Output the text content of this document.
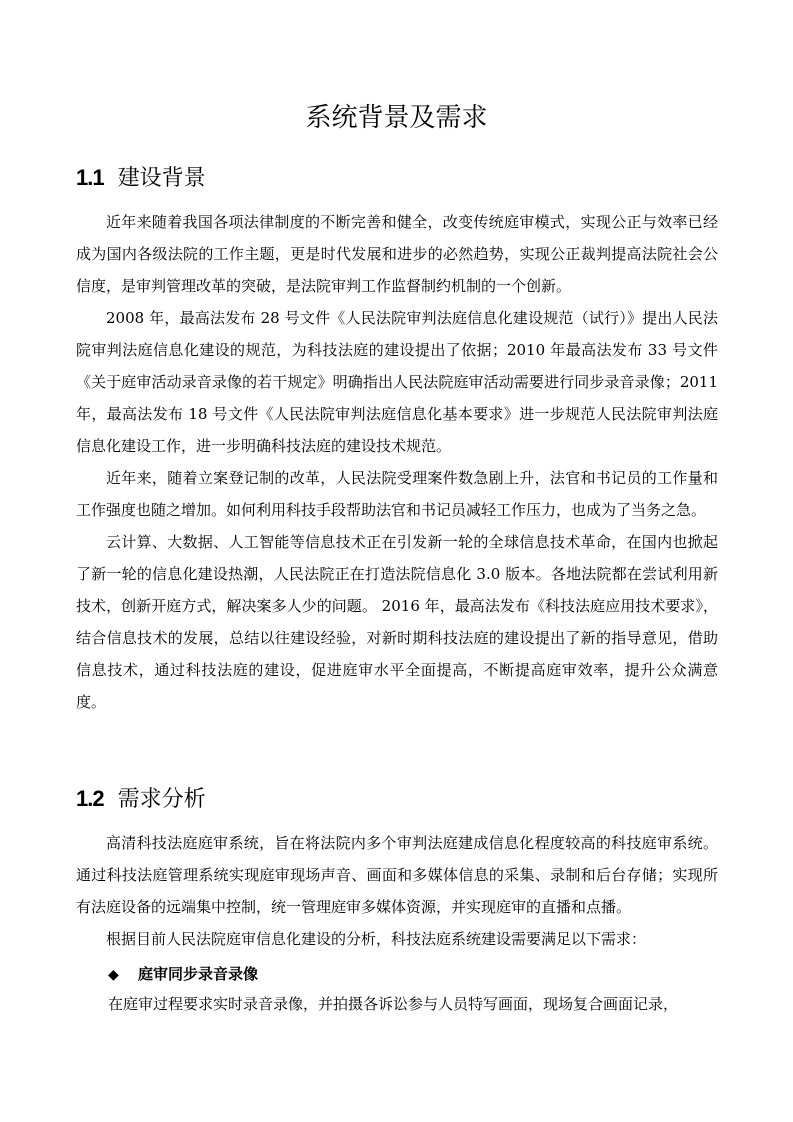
系统背景及需求
1.1 建设背景

近年来随着我国各项法律制度的不断完善和健全，改变传统庭审模式，实现公正与效率已经成为国内各级法院的工作主题，更是时代发展和进步的必然趋势，实现公正裁判提高法院社会公信度，是审判管理改革的突破，是法院审判工作监督制约机制的一个创新。

2008 年，最高法发布 28 号文件《人民法院审判法庭信息化建设规范（试行）》提出人民法院审判法庭信息化建设的规范，为科技法庭的建设提出了依据；2010 年最高法发布 33 号文件《关于庭审活动录音录像的若干规定》明确指出人民法院庭审活动需要进行同步录音录像；2011 年，最高法发布 18 号文件《人民法院审判法庭信息化基本要求》进一步规范人民法院审判法庭信息化建设工作，进一步明确科技法庭的建设技术规范。

近年来，随着立案登记制的改革，人民法院受理案件数急剧上升，法官和书记员的工作量和工作强度也随之增加。如何利用科技手段帮助法官和书记员减轻工作压力，也成为了当务之急。

云计算、大数据、人工智能等信息技术正在引发新一轮的全球信息技术革命，在国内也掀起了新一轮的信息化建设热潮，人民法院正在打造法院信息化 3.0 版本。各地法院都在尝试利用新技术，创新开庭方式，解决案多人少的问题。 2016 年，最高法发布《科技法庭应用技术要求》，结合信息技术的发展，总结以往建设经验，对新时期科技法庭的建设提出了新的指导意见，借助信息技术，通过科技法庭的建设，促进庭审水平全面提高，不断提高庭审效率，提升公众满意度。

1.2 需求分析

高清科技法庭庭审系统，旨在将法院内多个审判法庭建成信息化程度较高的科技庭审系统。通过科技法庭管理系统实现庭审现场声音、画面和多媒体信息的采集、录制和后台存储；实现所有法庭设备的远端集中控制，统一管理庭审多媒体资源，并实现庭审的直播和点播。

根据目前人民法院庭审信息化建设的分析，科技法庭系统建设需要满足以下需求：

◆ 庭审同步录音录像

在庭审过程要求实时录音录像，并拍摄各诉讼参与人员特写画面，现场复合画面记录，
